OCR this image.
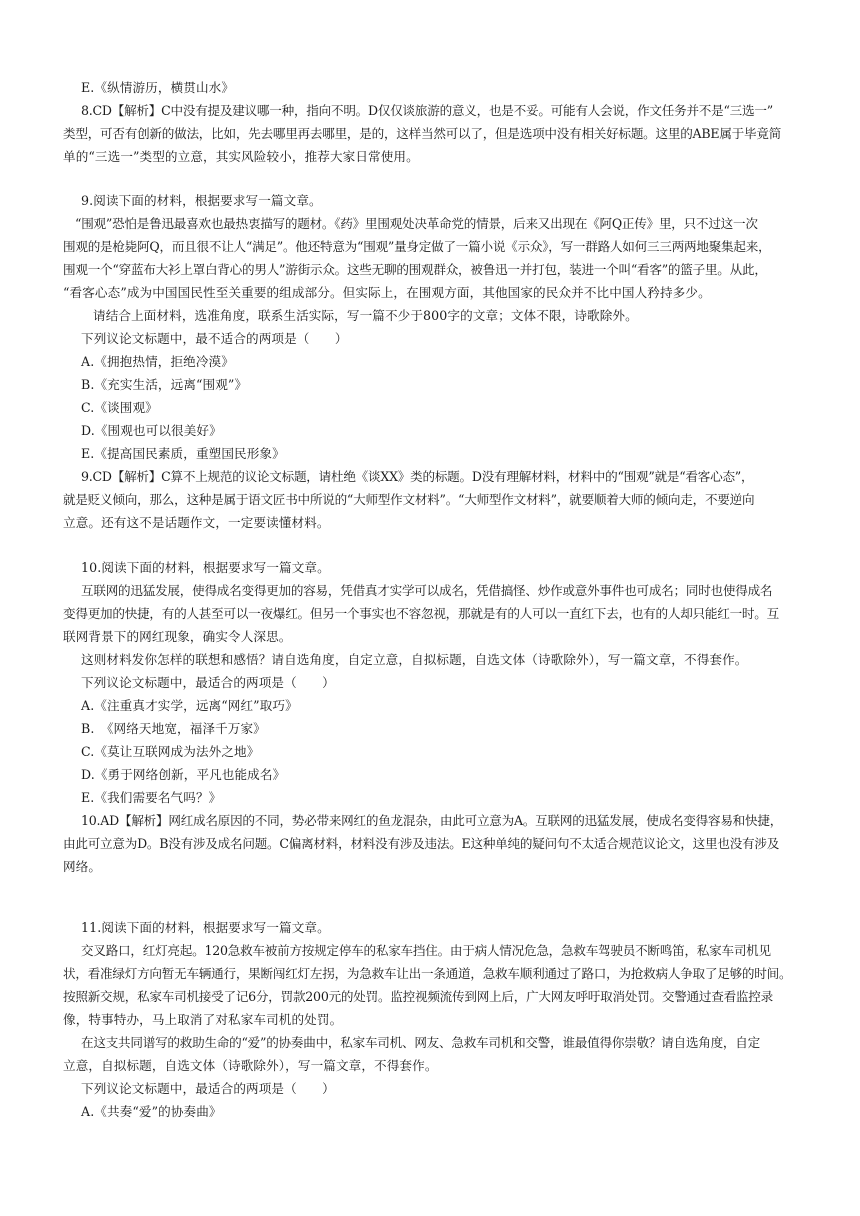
E.《纵情游历，横贯山水》
8.CD【解析】C中没有提及建议哪一种，指向不明。D仅仅谈旅游的意义，也是不妥。可能有人会说，作文任务并不是“三选一”
类型，可否有创新的做法，比如，先去哪里再去哪里，是的，这样当然可以了，但是选项中没有相关好标题。这里的ABE属于毕竟简
单的“三选一”类型的立意，其实风险较小，推荐大家日常使用。
9.阅读下面的材料，根据要求写一篇文章。
“围观”恐怕是鲁迅最喜欢也最热衷描写的题材。《药》里围观处决革命党的情景，后来又出现在《阿Q正传》里，只不过这一次
围观的是枪毙阿Q，而且很不让人“满足”。他还特意为“围观”量身定做了一篇小说《示众》，写一群路人如何三三两两地聚集起来，
围观一个“穿蓝布大衫上罩白背心的男人”游街示众。这些无聊的围观群众，被鲁迅一并打包，装进一个叫“看客”的篮子里。从此，
“看客心态”成为中国国民性至关重要的组成部分。但实际上，在围观方面，其他国家的民众并不比中国人矜持多少。
请结合上面材料，选准角度，联系生活实际，写一篇不少于800字的文章；文体不限，诗歌除外。
下列议论文标题中，最不适合的两项是（　　）
A.《拥抱热情，拒绝冷漠》
B.《充实生活，远离“围观”》
C.《谈围观》
D.《围观也可以很美好》
E.《提高国民素质，重塑国民形象》
9.CD【解析】C算不上规范的议论文标题，请杜绝《谈XX》类的标题。D没有理解材料，材料中的“围观”就是“看客心态”，
就是贬义倾向，那么，这种是属于语文匠书中所说的“大师型作文材料”。“大师型作文材料”，就要顺着大师的倾向走，不要逆向
立意。还有这不是话题作文，一定要读懂材料。
10.阅读下面的材料，根据要求写一篇文章。
互联网的迅猛发展，使得成名变得更加的容易，凭借真才实学可以成名，凭借搞怪、炒作或意外事件也可成名；同时也使得成名
变得更加的快捷，有的人甚至可以一夜爆红。但另一个事实也不容忽视，那就是有的人可以一直红下去，也有的人却只能红一时。互
联网背景下的网红现象，确实令人深思。
这则材料发你怎样的联想和感悟？请自选角度，自定立意，自拟标题，自选文体（诗歌除外），写一篇文章，不得套作。
下列议论文标题中，最适合的两项是（　　）
A.《注重真才实学，远离“网红”取巧》
B.　《网络天地宽，福泽千万家》
C.《莫让互联网成为法外之地》
D.《勇于网络创新，平凡也能成名》
E.《我们需要名气吗？》
10.AD【解析】网红成名原因的不同，势必带来网红的鱼龙混杂，由此可立意为A。互联网的迅猛发展，使成名变得容易和快捷，
由此可立意为D。B没有涉及成名问题。C偏离材料，材料没有涉及违法。E这种单纯的疑问句不太适合规范议论文，这里也没有涉及
网络。
11.阅读下面的材料，根据要求写一篇文章。
交叉路口，红灯亮起。120急救车被前方按规定停车的私家车挡住。由于病人情况危急，急救车驾驶员不断鸣笛，私家车司机见
状，看准绿灯方向暂无车辆通行，果断闯红灯左拐，为急救车让出一条通道，急救车顺利通过了路口，为抢救病人争取了足够的时间。
按照新交规，私家车司机接受了记6分，罚款200元的处罚。监控视频流传到网上后，广大网友呼吁取消处罚。交警通过查看监控录
像，特事特办，马上取消了对私家车司机的处罚。
在这支共同谱写的救助生命的“爱”的协奏曲中，私家车司机、网友、急救车司机和交警，谁最值得你崇敬？请自选角度，自定
立意，自拟标题，自选文体（诗歌除外），写一篇文章，不得套作。
下列议论文标题中，最适合的两项是（　　）
A.《共奏“爱”的协奏曲》
